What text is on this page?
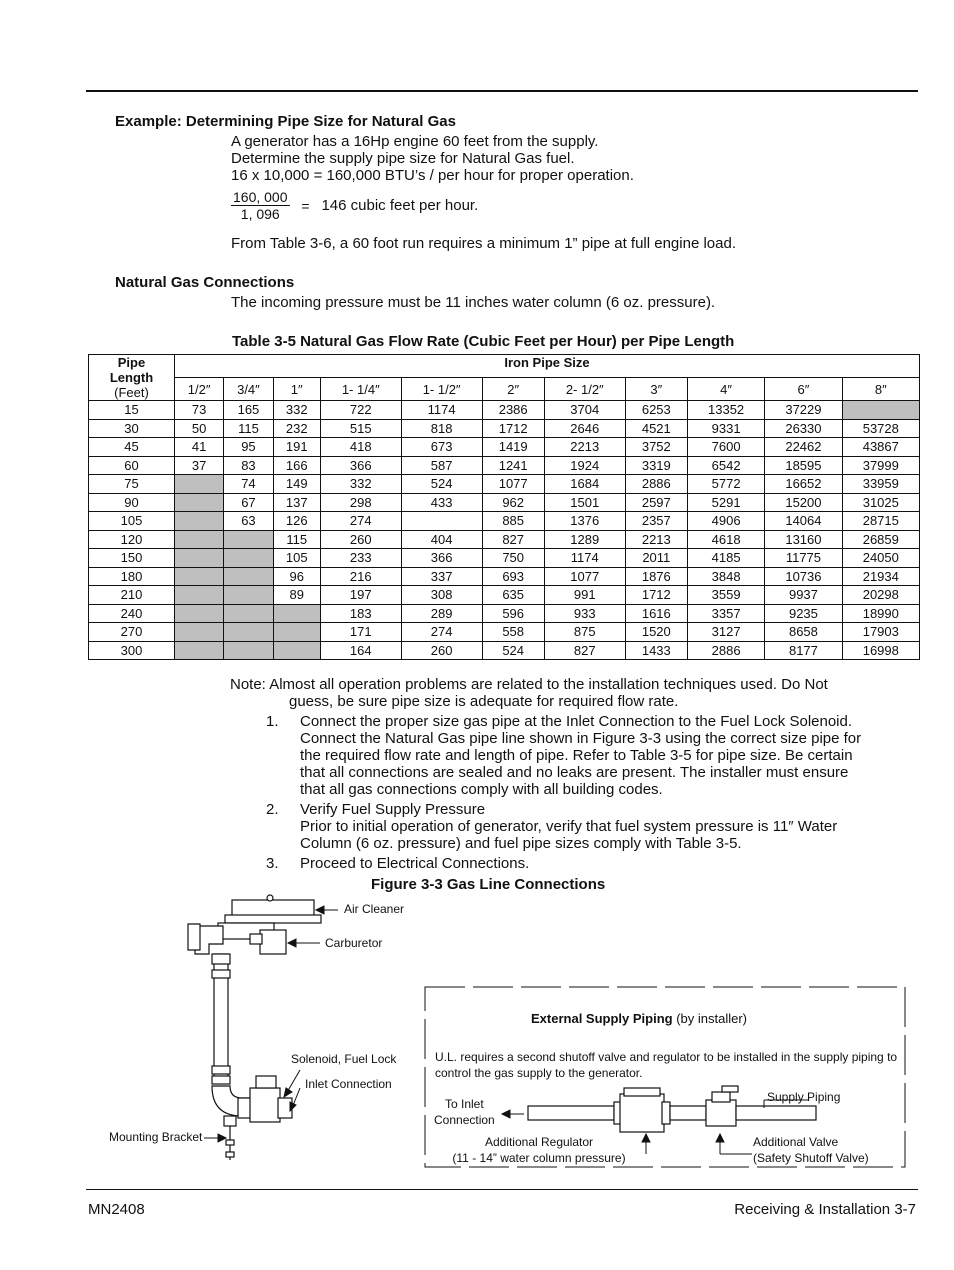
Example: Determining Pipe Size for Natural Gas
A generator has a 16Hp engine 60 feet from the supply.
Determine the supply pipe size for Natural Gas fuel.
16 x 10,000 = 160,000 BTU’s / per hour for proper operation.
$\frac{160, 000}{1, 096} = 146$ cubic feet per hour.
From Table 3-6, a 60 foot run requires a minimum 1” pipe at full engine load.
Natural Gas Connections
The incoming pressure must be 11 inches water column (6 oz. pressure).
Table 3-5 Natural Gas Flow Rate (Cubic Feet per Hour) per Pipe Length
Pipe
Length
(Feet)	Iron Pipe Size										
	1/2″	3/4″	1″	1- 1/4″	1- 1/2″	2″	2- 1/2″	3″	4″	6″	8″
15	73	165	332	722	1174	2386	3704	6253	13352	37229	
30	50	115	232	515	818	1712	2646	4521	9331	26330	53728
45	41	95	191	418	673	1419	2213	3752	7600	22462	43867
60	37	83	166	366	587	1241	1924	3319	6542	18595	37999
75		74	149	332	524	1077	1684	2886	5772	16652	33959
90		67	137	298	433	962	1501	2597	5291	15200	31025
105		63	126	274		885	1376	2357	4906	14064	28715
120			115	260	404	827	1289	2213	4618	13160	26859
150			105	233	366	750	1174	2011	4185	11775	24050
180			96	216	337	693	1077	1876	3848	10736	21934
210			89	197	308	635	991	1712	3559	9937	20298
240				183	289	596	933	1616	3357	9235	18990
270				171	274	558	875	1520	3127	8658	17903
300				164	260	524	827	1433	2886	8177	16998
Note: Almost all operation problems are related to the installation techniques used. Do Not
guess, be sure pipe size is adequate for required flow rate.
1.	Connect the proper size gas pipe at the Inlet Connection to the Fuel Lock Solenoid.
Connect the Natural Gas pipe line shown in Figure 3-3 using the correct size pipe for
the required flow rate and length of pipe. Refer to Table 3-5 for pipe size. Be certain
that all connections are sealed and no leaks are present. The installer must ensure
that all gas connections comply with all building codes.
2.	Verify Fuel Supply Pressure
Prior to initial operation of generator, verify that fuel system pressure is 11″ Water
Column (6 oz. pressure) and fuel pipe sizes comply with Table 3-5.
3.	Proceed to Electrical Connections.
Figure 3-3 Gas Line Connections
Air Cleaner
Carburetor
Solenoid, Fuel Lock
Inlet Connection
Mounting Bracket
External Supply Piping (by installer)
U.L. requires a second shutoff valve and regulator to be installed in the supply piping to
control the gas supply to the generator.
To Inlet
Connection
Supply Piping
Additional Regulator
(11 - 14” water column pressure)
Additional Valve
(Safety Shutoff Valve)
MN2408	Receiving & Installation 3-7
